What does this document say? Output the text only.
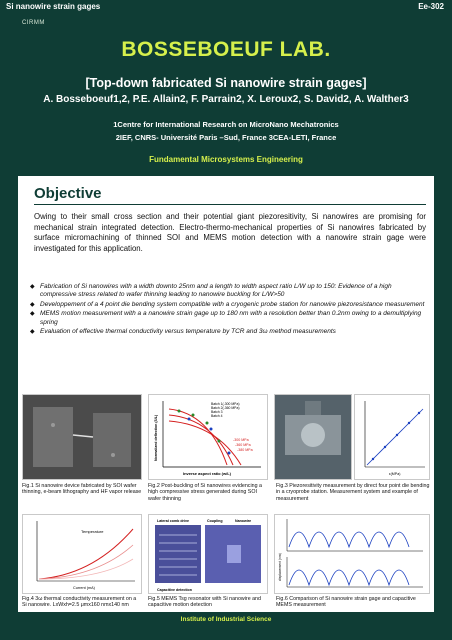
Si nanowire strain gages	Ee-302
CIRMM
BOSSEBOEUF LAB.
[Top-down fabricated Si nanowire strain gages]
A. Bosseboeuf1,2, P.E. Allain2, F. Parrain2, X. Leroux2, S. David2, A. Walther3
1Centre for International Research on MicroNano Mechatronics
2IEF, CNRS- Université Paris –Sud, France 3CEA-LETI, France
Fundamental Microsystems Engineering
Objective
Owing to their small cross section and their potential giant piezoresitivity, Si nanowires are promising for mechanical strain integrated detection. Electro-thermo-mechanical properties of Si nanowires fabricated by surface micromachining of thinned SOI and MEMS motion detection with a nanowire strain gage were investigated for this application.
◆ Fabrication of Si nanowires with a width downto 25nm and a length to width aspect ratio L/W up to 150: Evidence of a high compressive stress related to wafer thinning leading to nanowire buckling for L/W>50
◆ Developpement of a 4 point die bending system compatible with a cryogenic probe station for nanowire piezoresistance measurement
◆ MEMS motion measurement with a a nanowire strain gage up to 180 nm with a resolution better than 0.2nm owing to a demultiplying spring
◆ Evaluation of effective thermal conductivity versus temperature by TCR and 3ω method measurements
Fig.1 Si nanowire device fabricated by SOI wafer thinning, e-beam lithography and HF vapor release
Batch 1(-300 MPa)
Batch 2(-360 MPa)
Batch 3
Batch 4
-300 MPa
-360 MPa
-380 MPa
Inverse aspect ratio (w/L)
Normalized deflection (δ/L)
Fig.2 Post-buckling of Si nanowires evidencing a high compressive stress generated during SOI wafer thinning
ε(MPa)
Fig.3 Piezoresitivity measurement by direct four point die bending in a cryoprobe station. Measurement system and example of measurement
Temperature
Current (mA)
Fig.4 3ω thermal conductivity measurement on a Si nanowire. LxWxh=2.5 μmx160 nmx140 nm
Lateral comb drive	Coupling	Nanowire
Capacitive detection
Fig.5 MEMS Tsg resonator with Si nanowire and capacitive motion detection
displacement (nm)
Fig.6 Comparison of Si nanowire strain gage and capacitive MEMS measurement
Institute of Industrial Science
